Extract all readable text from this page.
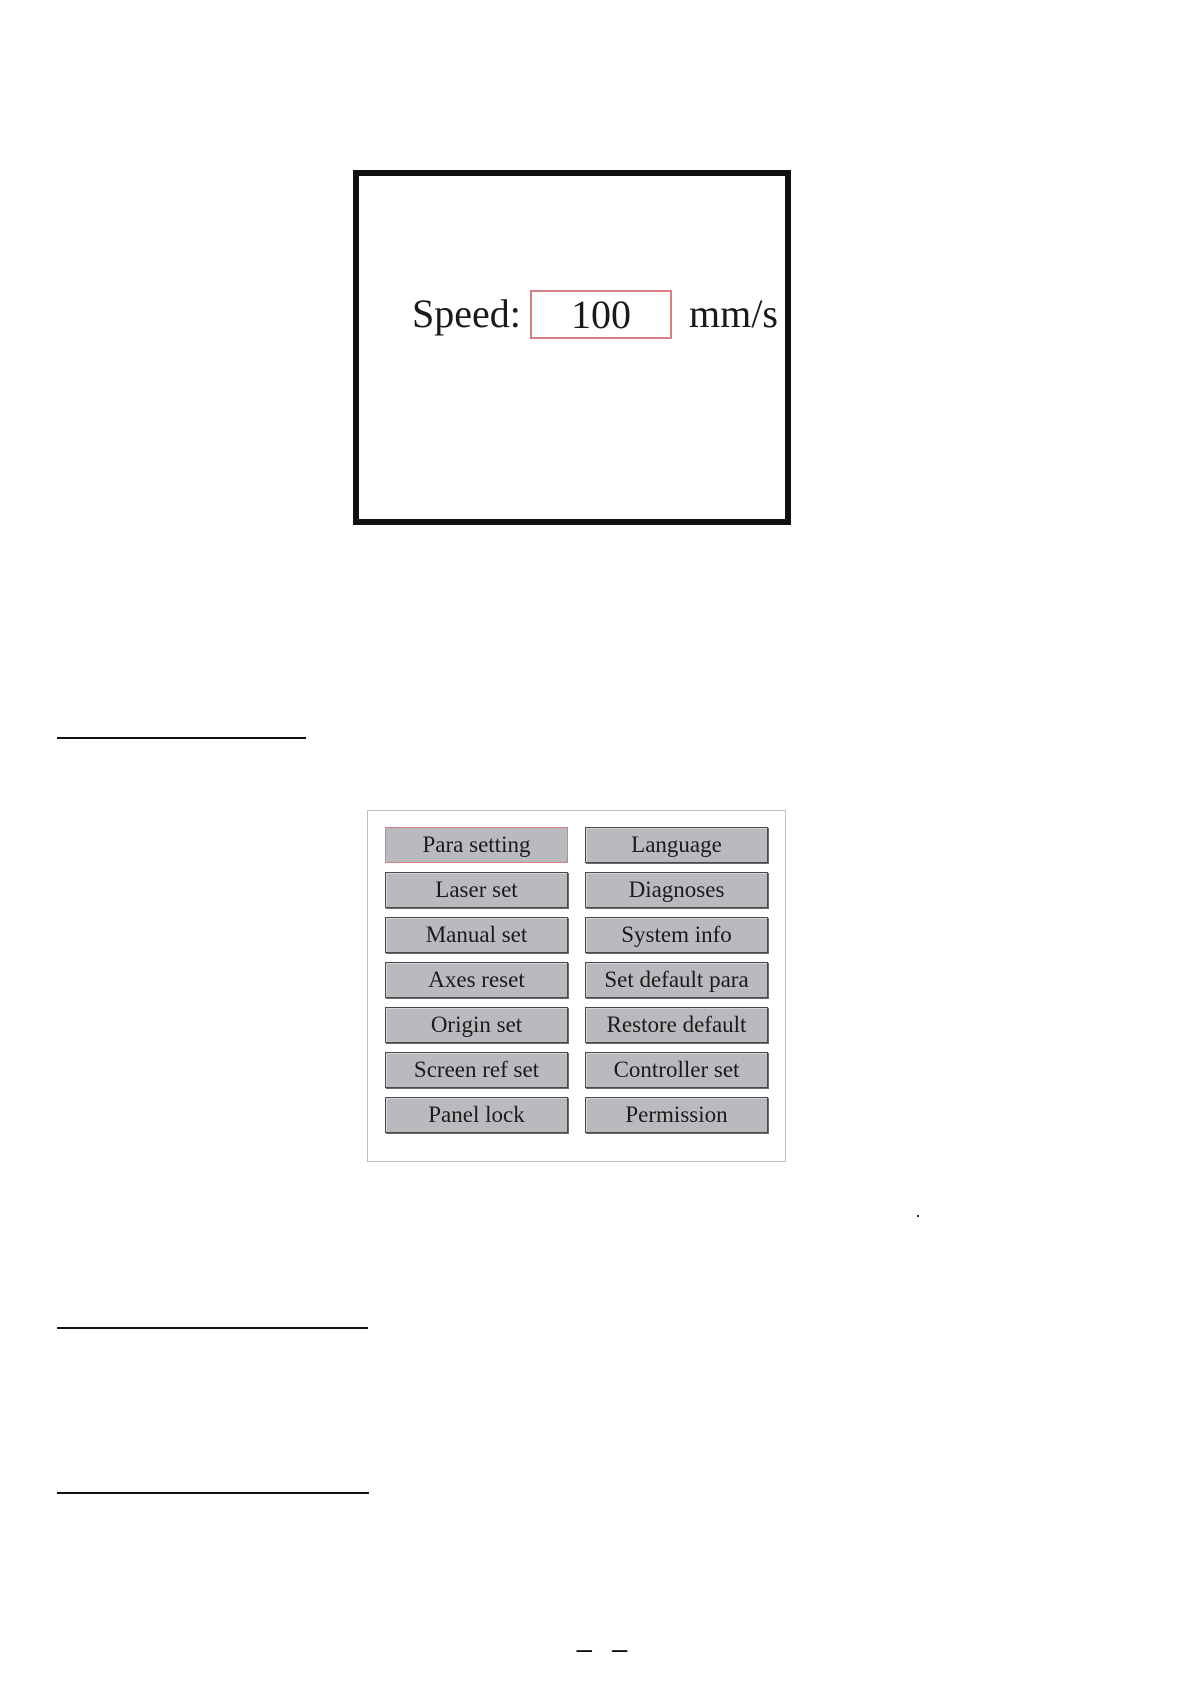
Speed:	100	mm/s
Para setting	Language
Laser set	Diagnoses
Manual set	System info
Axes reset	Set default para
Origin set	Restore default
Screen ref set	Controller set
Panel lock	Permission
– –
